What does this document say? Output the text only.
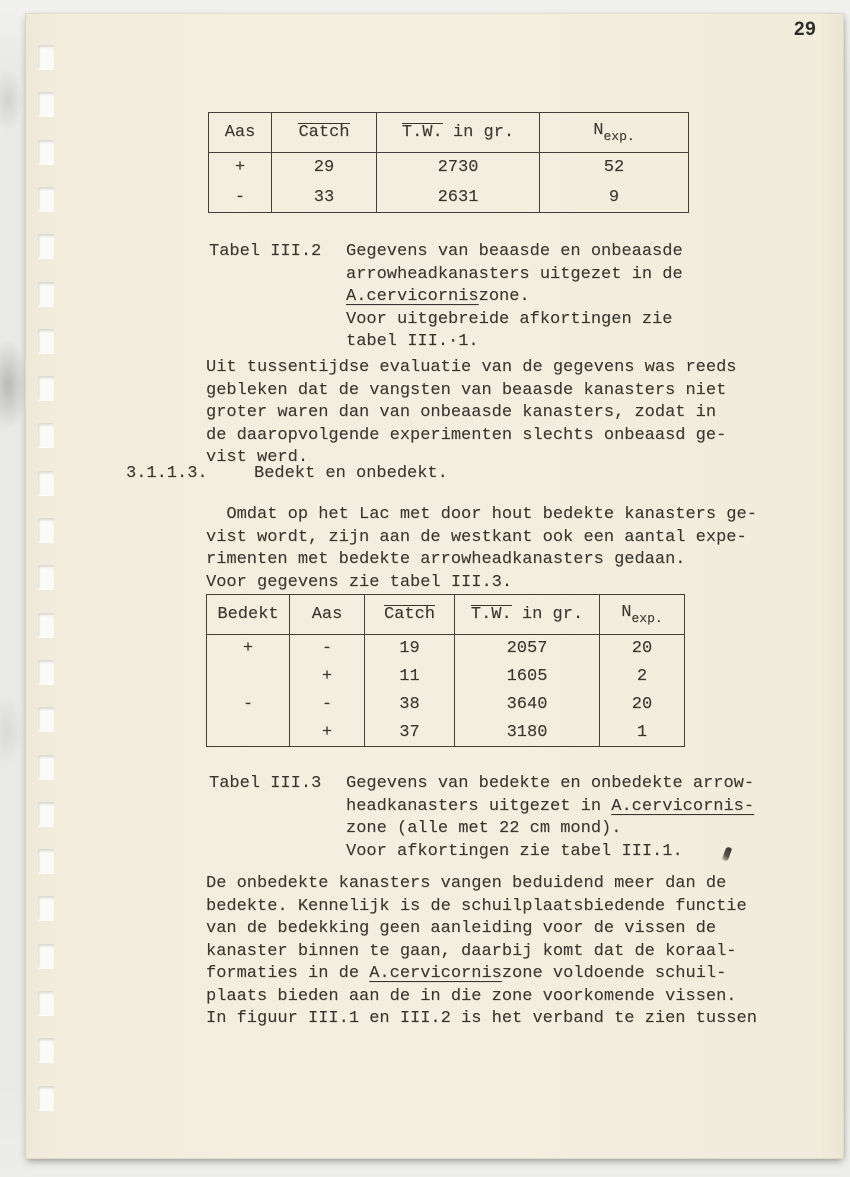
29
Aas	Catch	T.W. in gr.	$N_{exp.}$
+	29	2730	52
-	33	2631	9
Tabel III.2	Gegevens van beaasde en onbeaasde
arrowheadkanasters uitgezet in de
A.cervicorniszone.
Voor uitgebreide afkortingen zie
tabel III.·1.
Uit tussentijdse evaluatie van de gegevens was reeds
gebleken dat de vangsten van beaasde kanasters niet
groter waren dan van onbeaasde kanasters, zodat in
de daaropvolgende experimenten slechts onbeaasd ge-
vist werd.
3.1.1.3.	Bedekt en onbedekt.
Omdat op het Lac met door hout bedekte kanasters ge-
vist wordt, zijn aan de westkant ook een aantal expe-
rimenten met bedekte arrowheadkanasters gedaan.
Voor gegevens zie tabel III.3.
Bedekt	Aas	Catch	T.W. in gr.	$N_{exp.}$
+	-	19	2057	20
	+	11	1605	2
-	-	38	3640	20
	+	37	3180	1
Tabel III.3	Gegevens van bedekte en onbedekte arrow-
headkanasters uitgezet in A.cervicornis-
zone (alle met 22 cm mond).
Voor afkortingen zie tabel III.1.
De onbedekte kanasters vangen beduidend meer dan de
bedekte. Kennelijk is de schuilplaatsbiedende functie
van de bedekking geen aanleiding voor de vissen de
kanaster binnen te gaan, daarbij komt dat de koraal-
formaties in de A.cervicorniszone voldoende schuil-
plaats bieden aan de in die zone voorkomende vissen.
In figuur III.1 en III.2 is het verband te zien tussen
